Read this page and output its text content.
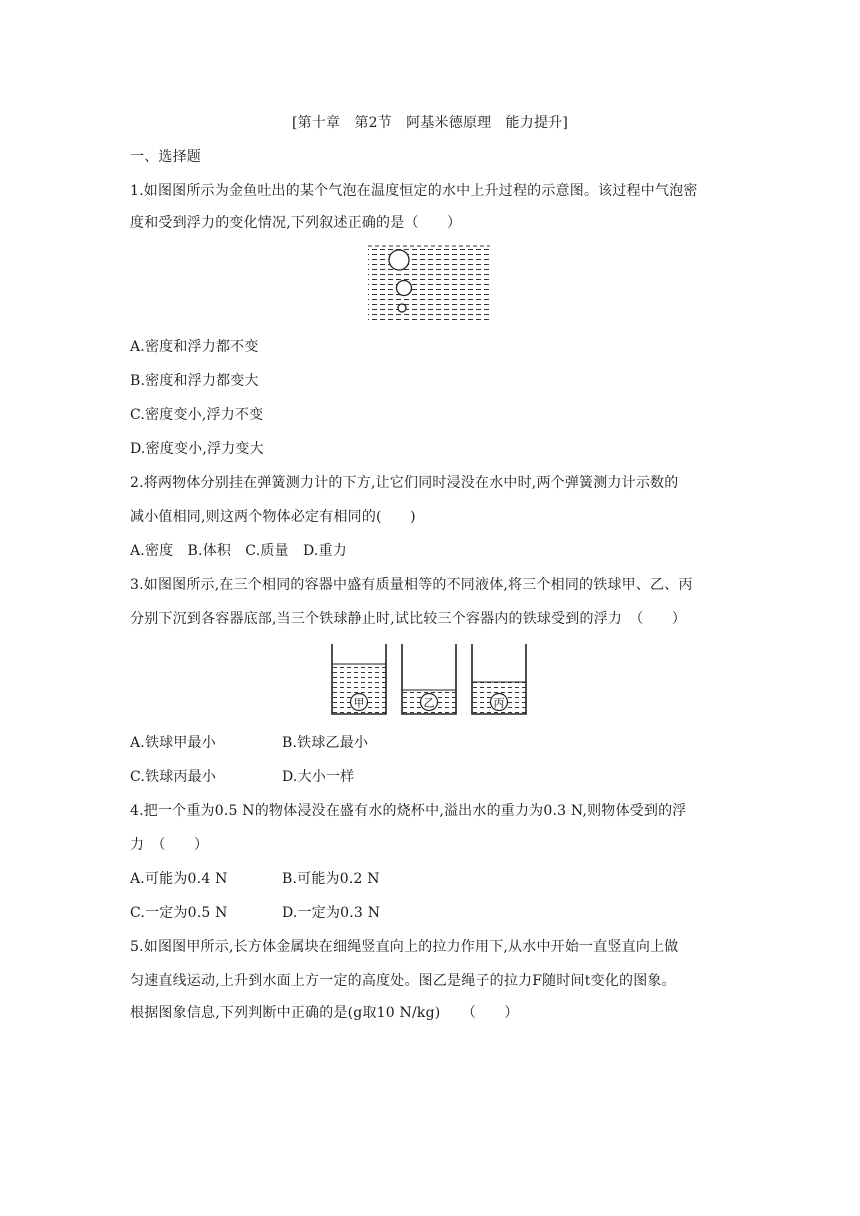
[第十章　第2节　阿基米德原理　能力提升]
一、选择题
1.如图图所示为金鱼吐出的某个气泡在温度恒定的水中上升过程的示意图。该过程中气泡密
度和受到浮力的变化情况,下列叙述正确的是（　　）
A.密度和浮力都不变
B.密度和浮力都变大
C.密度变小,浮力不变
D.密度变小,浮力变大
2.将两物体分别挂在弹簧测力计的下方,让它们同时浸没在水中时,两个弹簧测力计示数的
减小值相同,则这两个物体必定有相同的(　　)
A.密度　B.体积　C.质量　D.重力
3.如图图所示,在三个相同的容器中盛有质量相等的不同液体,将三个相同的铁球甲、乙、丙
分别下沉到各容器底部,当三个铁球静止时,试比较三个容器内的铁球受到的浮力　（　　）
甲	乙	丙
A.铁球甲最小	B.铁球乙最小
C.铁球丙最小	D.大小一样
4.把一个重为0.5 N的物体浸没在盛有水的烧杯中,溢出水的重力为0.3 N,则物体受到的浮
力　（　　）
A.可能为0.4 N	B.可能为0.2 N
C.一定为0.5 N	D.一定为0.3 N
5.如图图甲所示,长方体金属块在细绳竖直向上的拉力作用下,从水中开始一直竖直向上做
匀速直线运动,上升到水面上方一定的高度处。图乙是绳子的拉力F随时间t变化的图象。
根据图象信息,下列判断中正确的是(g取10 N/kg)　　（　　）
